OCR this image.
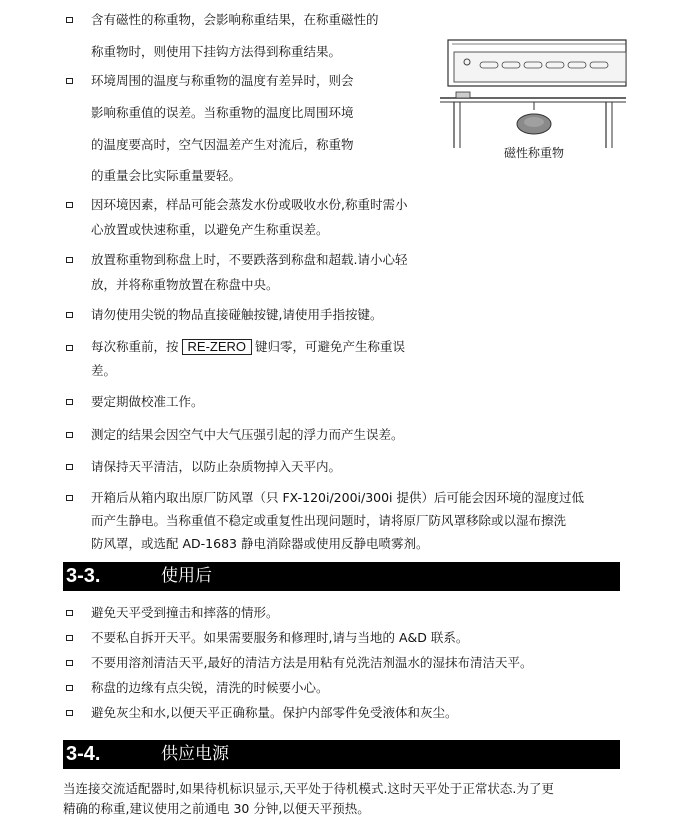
磁性称重物
含有磁性的称重物，会影响称重结果，在称重磁性的
称重物时，则使用下挂钩方法得到称重结果。
环境周围的温度与称重物的温度有差异时，则会
影响称重值的误差。当称重物的温度比周围环境
的温度要高时，空气因温差产生对流后，称重物
的重量会比实际重量要轻。
因环境因素，样品可能会蒸发水份或吸收水份,称重时需小
心放置或快速称重，以避免产生称重误差。
放置称重物到称盘上时，不要跌落到称盘和超载.请小心轻
放，并将称重物放置在称盘中央。
请勿使用尖锐的物品直接碰触按键,请使用手指按键。
每次称重前，按 RE-ZERO 键归零，可避免产生称重误
差。
要定期做校准工作。
测定的结果会因空气中大气压强引起的浮力而产生误差。
请保持天平清洁，以防止杂质物掉入天平内。
开箱后从箱内取出原厂防风罩（只 FX-120i/200i/300i 提供）后可能会因环境的湿度过低
而产生静电。当称重值不稳定或重复性出现问题时，请将原厂防风罩移除或以湿布擦洗
防风罩，或选配 AD-1683 静电消除器或使用反静电喷雾剂。
3-3.	使用后
避免天平受到撞击和摔落的情形。
不要私自拆开天平。如果需要服务和修理时,请与当地的 A&D 联系。
不要用溶剂清洁天平,最好的清洁方法是用粘有兑洗洁剂温水的湿抹布清洁天平。
称盘的边缘有点尖锐，清洗的时候要小心。
避免灰尘和水,以便天平正确称量。保护内部零件免受液体和灰尘。
3-4.	供应电源
当连接交流适配器时,如果待机标识显示,天平处于待机模式.这时天平处于正常状态.为了更
精确的称重,建议使用之前通电 30 分钟,以便天平预热。
